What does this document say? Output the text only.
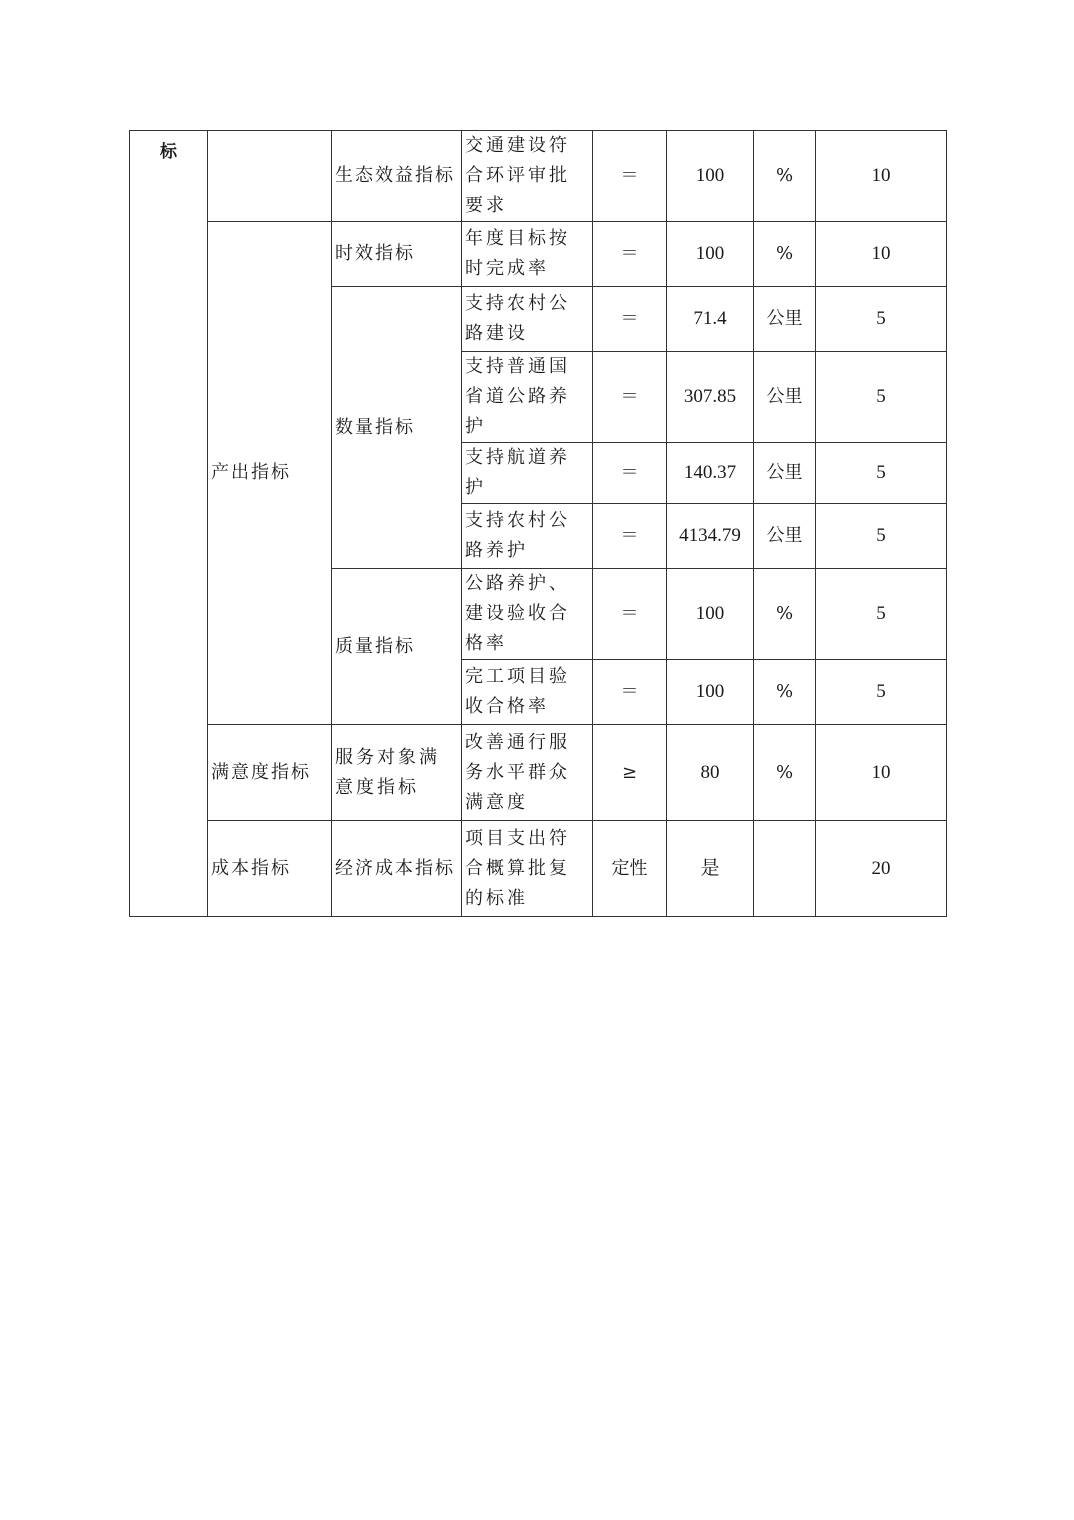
标		生态效益指标	交通建设符合环评审批要求	＝	100	%	10
	产出指标	时效指标	年度目标按时完成率	＝	100	%	10
		数量指标	支持农村公路建设	＝	71.4	公里	5
			支持普通国省道公路养护	＝	307.85	公里	5
			支持航道养护	＝	140.37	公里	5
			支持农村公路养护	＝	4134.79	公里	5
		质量指标	公路养护、建设验收合格率	＝	100	%	5
			完工项目验收合格率	＝	100	%	5
	满意度指标	服务对象满意度指标	改善通行服务水平群众满意度	≥	80	%	10
	成本指标	经济成本指标	项目支出符合概算批复的标准	定性	是		20
